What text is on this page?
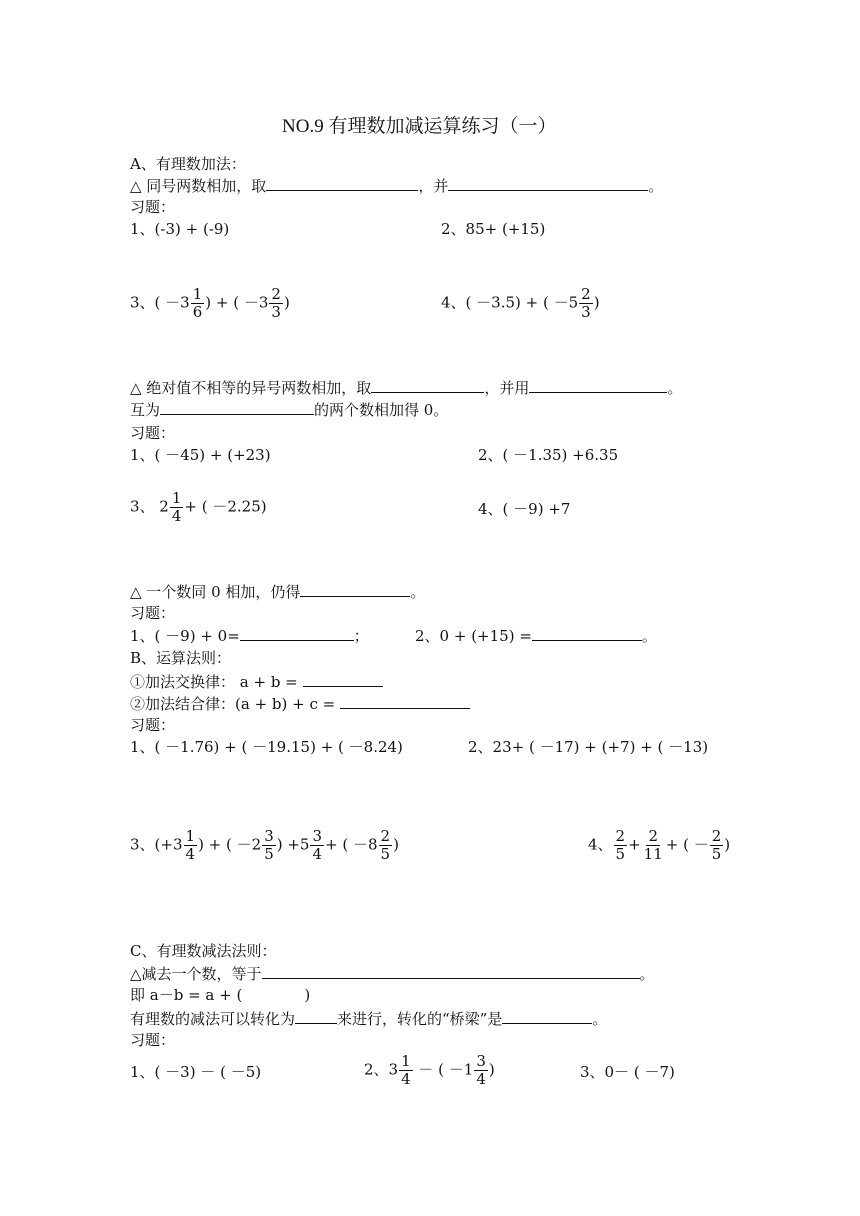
NO.9 有理数加减运算练习（一）
A、有理数加法：
△ 同号两数相加，取	，并	。
习题：
1、(-3) + (-9)	2、85+ (+15)
3、( $-3 \frac{1}{6}$ ) + ( $-3 \frac{2}{3}$ )	4、( －3.5) + ( $-5 \frac{2}{3}$ )
△ 绝对值不相等的异号两数相加，取	，并用	。
互为	的两个数相加得 0。
习题：
1、( －45) + (+23)	2、( －1.35) +6.35
3、 $2 \frac{1}{4}$ + ( －2.25)	4、( －9) +7
△ 一个数同 0 相加，仍得	。
习题：
1、( －9) + 0=	；	2、0 + (+15) =	。
B、运算法则：
①加法交换律： a + b =
②加法结合律：(a + b) + c =
习题：
1、( －1.76) + ( －19.15) + ( －8.24)	2、23+ ( －17) + (+7) + ( －13)
3、($+3 \frac{1}{4}$ ) + ( $-2 \frac{3}{5}$ ) $+5 \frac{3}{4}$ + ( $-8 \frac{2}{5}$ )	4、 $\frac{2}{5} + \frac{2}{11}$ + ( － $\frac{2}{5}$ )
C、有理数减法法则：
△减去一个数，等于	。
即 a－b = a + (	)
有理数的减法可以转化为	来进行，转化的“桥梁”是	。
习题：
1、( －3) － ( －5)	2、$3 \frac{1}{4}$ － ( $-1 \frac{3}{4}$ )	3、0－ ( －7)
